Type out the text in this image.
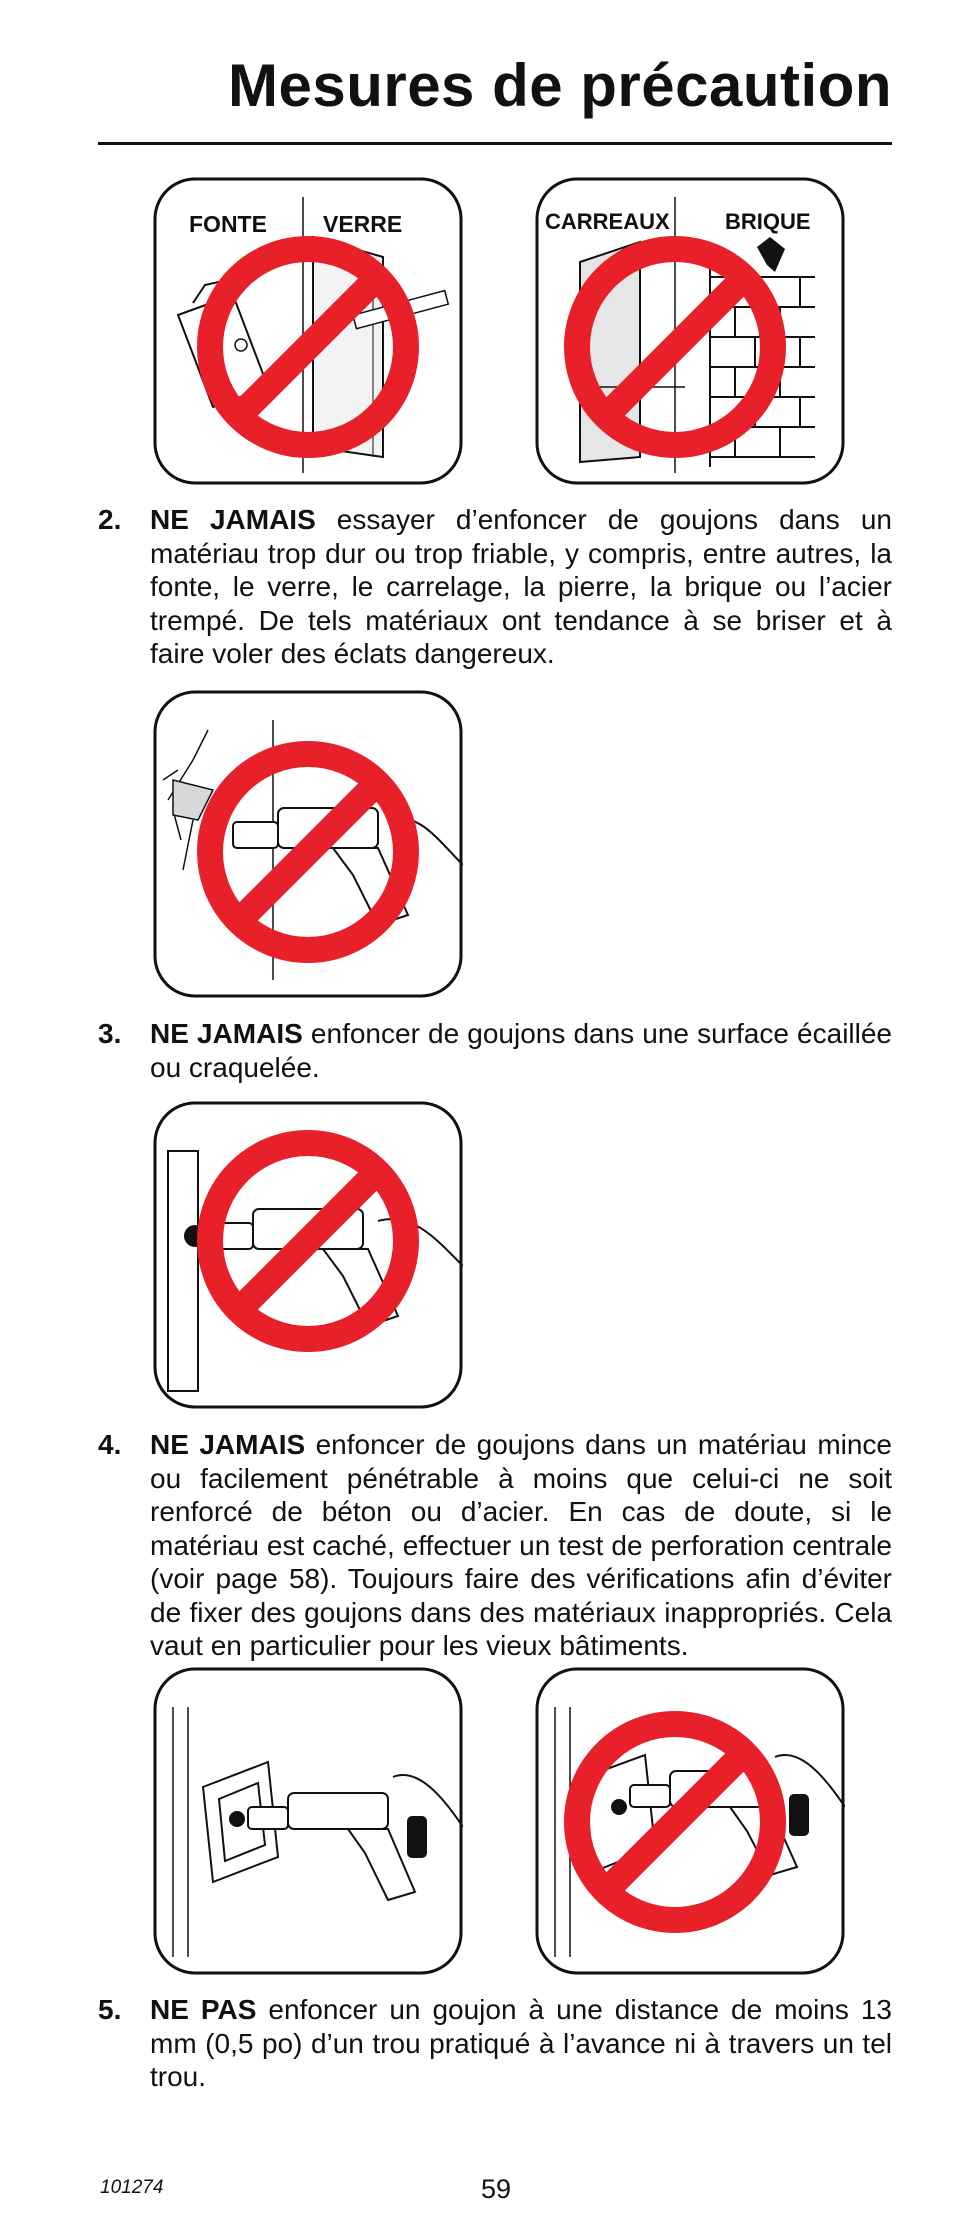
Mesures de précaution
FONTE VERRE	CARREAUX	BRIQUE
2. NE JAMAIS essayer d’enfoncer de goujons dans un matériau trop dur ou trop friable, y compris, entre autres, la fonte, le verre, le carrelage, la pierre, la brique ou l’acier trempé. De tels matériaux ont tendance à se briser et à faire voler des éclats dangereux.
3. NE JAMAIS enfoncer de goujons dans une surface écaillée ou craquelée.
4. NE JAMAIS enfoncer de goujons dans un matériau mince ou facilement pénétrable à moins que celui-ci ne soit renforcé de béton ou d’acier. En cas de doute, si le matériau est caché, effectuer un test de perforation centrale (voir page 58). Toujours faire des vérifications afin d’éviter de fixer des goujons dans des matériaux inappropriés. Cela vaut en particulier pour les vieux bâtiments.
5. NE PAS enfoncer un goujon à une distance de moins 13 mm (0,5 po) d’un trou pratiqué à l’avance ni à travers un tel trou.
101274	59
